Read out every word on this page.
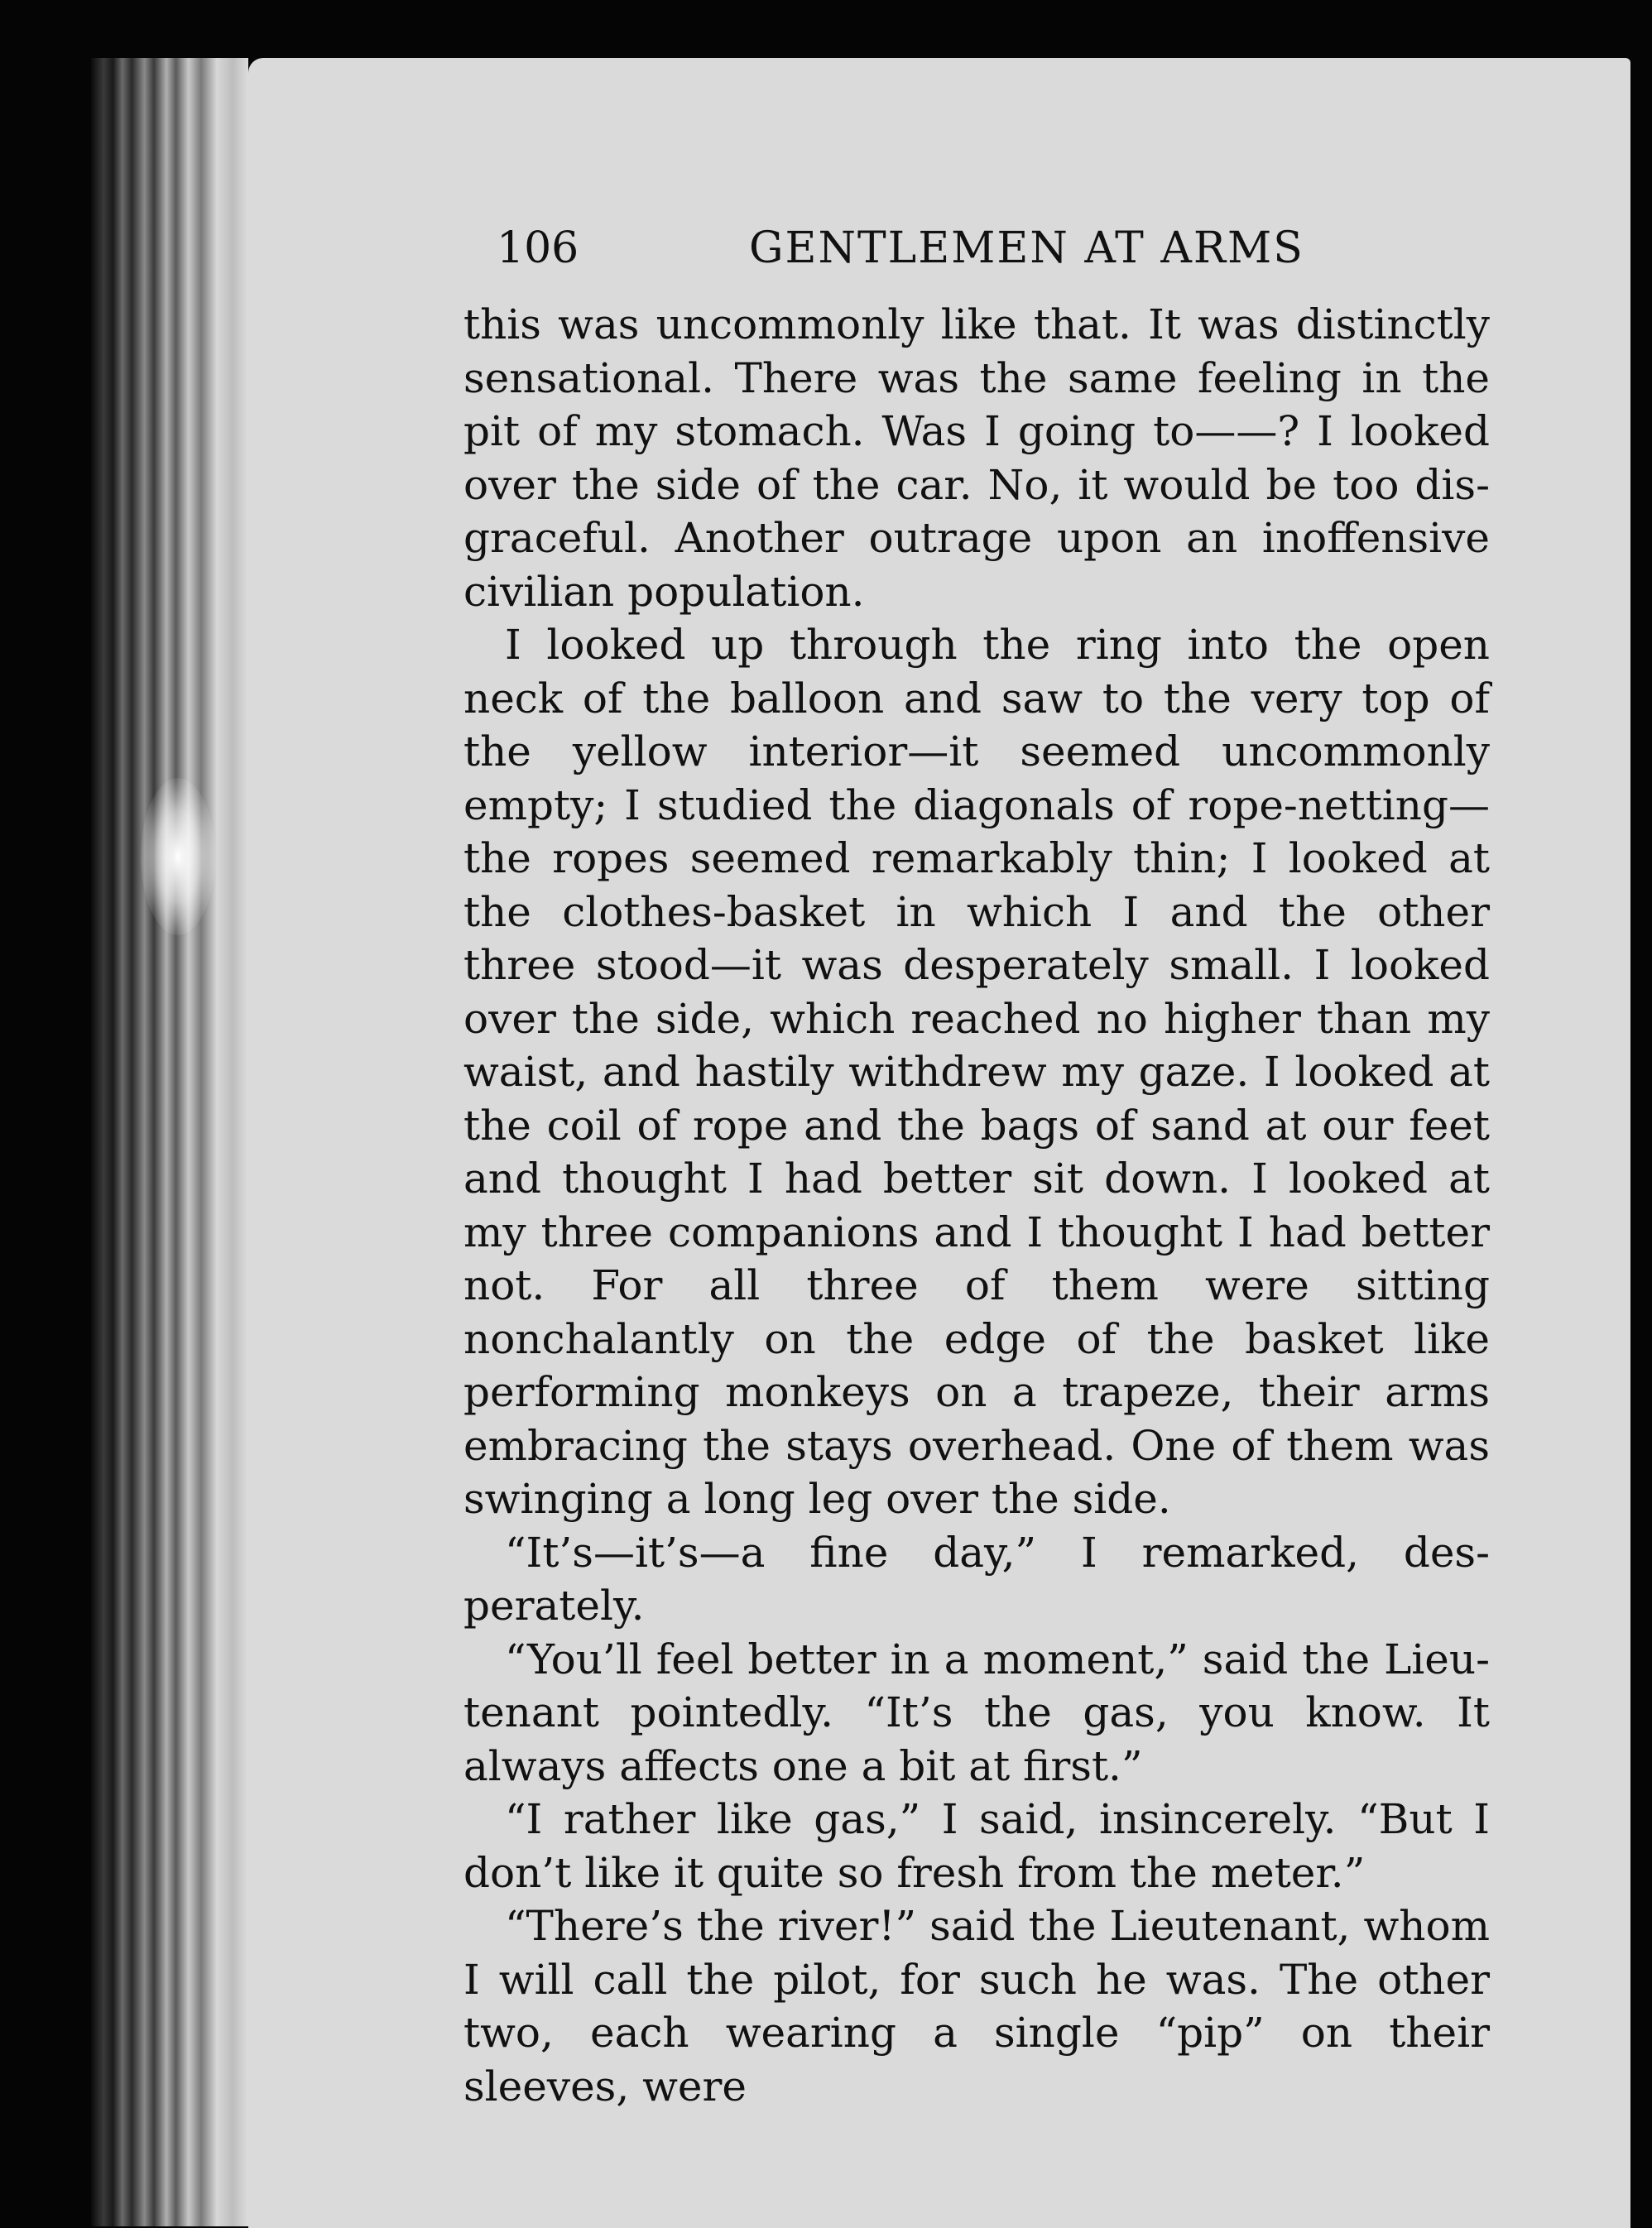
106	GENTLEMEN AT ARMS

this was uncommonly like that. It was distinctly sensational. There was the same feeling in the pit of my stomach. Was I going to——? I looked over the side of the car. No, it would be too disgraceful. Another outrage upon an inoffensive civilian population.

I looked up through the ring into the open neck of the balloon and saw to the very top of the yellow interior—it seemed uncommonly empty; I studied the diagonals of rope-netting—the ropes seemed remarkably thin; I looked at the clothes-basket in which I and the other three stood—it was desperately small. I looked over the side, which reached no higher than my waist, and hastily withdrew my gaze. I looked at the coil of rope and the bags of sand at our feet and thought I had better sit down. I looked at my three companions and I thought I had better not. For all three of them were sitting nonchalantly on the edge of the basket like performing monkeys on a trapeze, their arms embracing the stays overhead. One of them was swinging a long leg over the side.

“It’s—it’s—a fine day,” I remarked, desperately.

“You’ll feel better in a moment,” said the Lieutenant pointedly. “It’s the gas, you know. It always affects one a bit at first.”

“I rather like gas,” I said, insincerely. “But I don’t like it quite so fresh from the meter.”

“There’s the river!” said the Lieutenant, whom I will call the pilot, for such he was. The other two, each wearing a single “pip” on their sleeves, were
